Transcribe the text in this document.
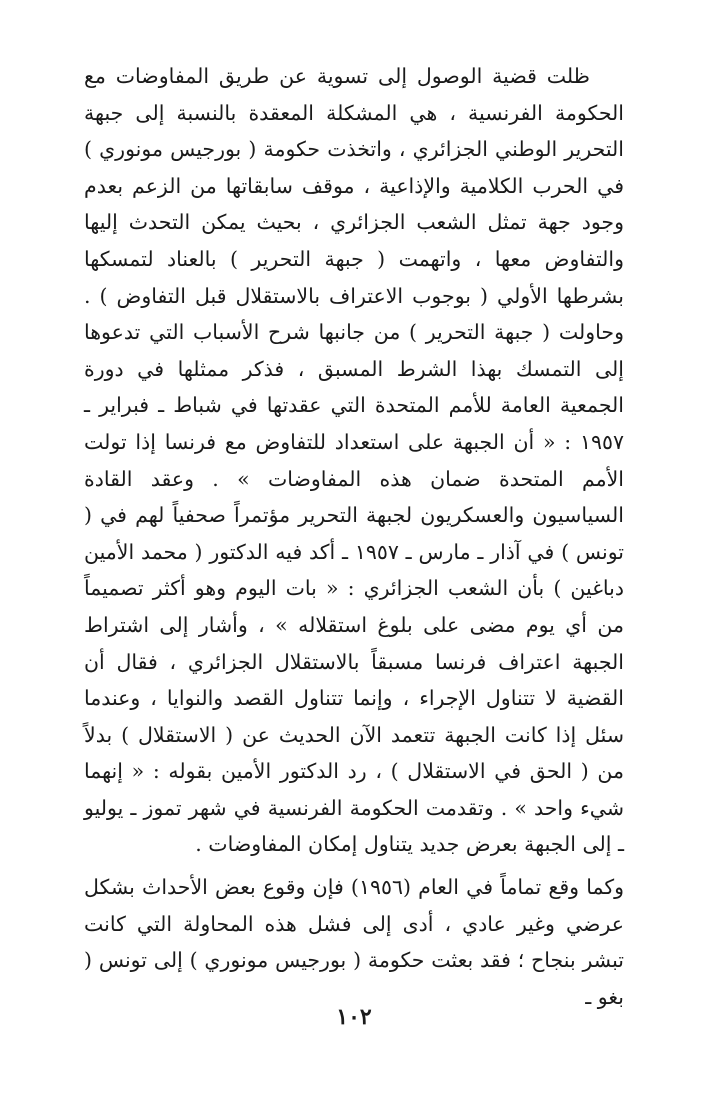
ظلت قضية الوصول إلى تسوية عن طريق المفاوضات مع الحكومة الفرنسية ، هي المشكلة المعقدة بالنسبة إلى جبهة التحرير الوطني الجزائري ، واتخذت حكومة ( بورجيس مونوري ) في الحرب الكلامية والإذاعية ، موقف سابقاتها من الزعم بعدم وجود جهة تمثل الشعب الجزائري ، بحيث يمكن التحدث إليها والتفاوض معها ، واتهمت ( جبهة التحرير ) بالعناد لتمسكها بشرطها الأولي ( بوجوب الاعتراف بالاستقلال قبل التفاوض ) . وحاولت ( جبهة التحرير ) من جانبها شرح الأسباب التي تدعوها إلى التمسك بهذا الشرط المسبق ، فذكر ممثلها في دورة الجمعية العامة للأمم المتحدة التي عقدتها في شباط ـ فبراير ـ ١٩٥٧ : « أن الجبهة على استعداد للتفاوض مع فرنسا إذا تولت الأمم المتحدة ضمان هذه المفاوضات » . وعقد القادة السياسيون والعسكريون لجبهة التحرير مؤتمراً صحفياً لهم في ( تونس ) في آذار ـ مارس ـ ١٩٥٧ ـ أكد فيه الدكتور ( محمد الأمين دباغين ) بأن الشعب الجزائري : « بات اليوم وهو أكثر تصميماً من أي يوم مضى على بلوغ استقلاله » ، وأشار إلى اشتراط الجبهة اعتراف فرنسا مسبقاً بالاستقلال الجزائري ، فقال أن القضية لا تتناول الإجراء ، وإنما تتناول القصد والنوايا ، وعندما سئل إذا كانت الجبهة تتعمد الآن الحديث عن ( الاستقلال ) بدلاً من ( الحق في الاستقلال ) ، رد الدكتور الأمين بقوله : « إنهما شيء واحد » . وتقدمت الحكومة الفرنسية في شهر تموز ـ يوليو ـ إلى الجبهة بعرض جديد يتناول إمكان المفاوضات .

وكما وقع تماماً في العام (١٩٥٦) فإن وقوع بعض الأحداث بشكل عرضي وغير عادي ، أدى إلى فشل هذه المحاولة التي كانت تبشر بنجاح ؛ فقد بعثت حكومة ( بورجيس مونوري ) إلى تونس ( بغو ـ

١٠٢
